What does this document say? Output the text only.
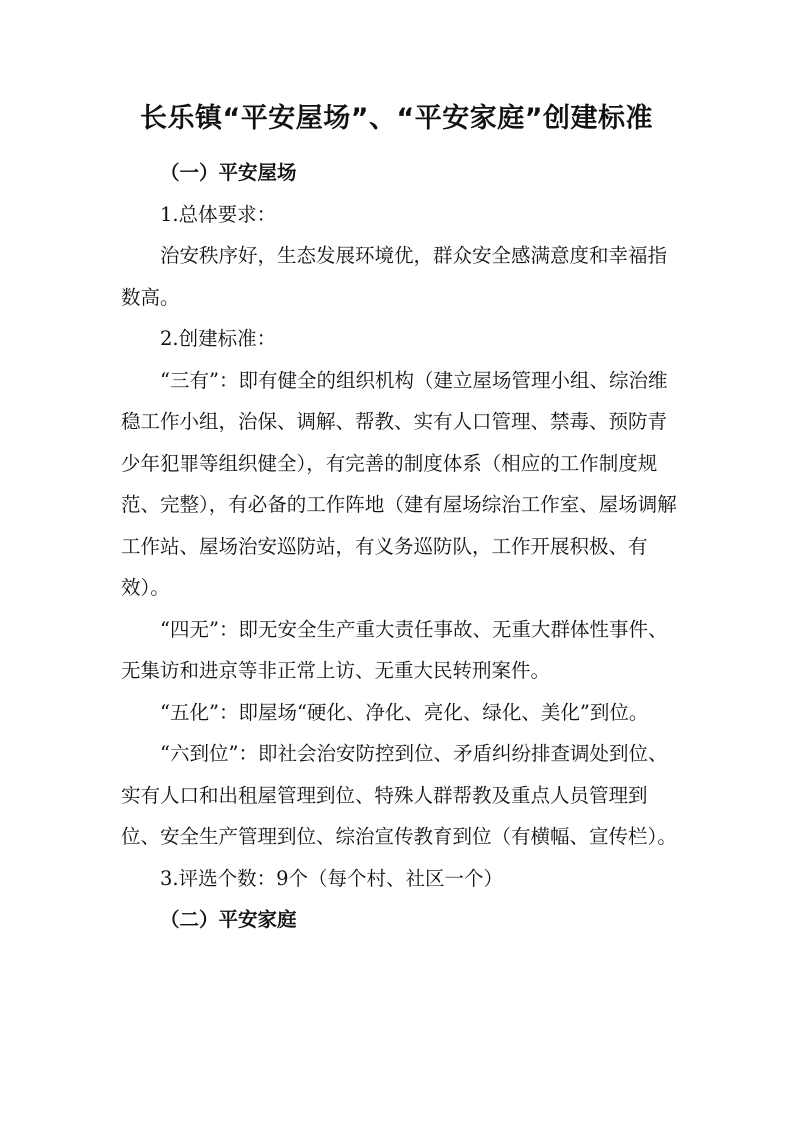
长乐镇“平安屋场”、“平安家庭”创建标准

（一）平安屋场

1.总体要求：

治安秩序好，生态发展环境优，群众安全感满意度和幸福指数高。

2.创建标准：

“三有”：即有健全的组织机构（建立屋场管理小组、综治维稳工作小组，治保、调解、帮教、实有人口管理、禁毒、预防青少年犯罪等组织健全），有完善的制度体系（相应的工作制度规范、完整），有必备的工作阵地（建有屋场综治工作室、屋场调解工作站、屋场治安巡防站，有义务巡防队，工作开展积极、有效）。

“四无”：即无安全生产重大责任事故、无重大群体性事件、无集访和进京等非正常上访、无重大民转刑案件。

“五化”：即屋场“硬化、净化、亮化、绿化、美化”到位。

“六到位”：即社会治安防控到位、矛盾纠纷排查调处到位、实有人口和出租屋管理到位、特殊人群帮教及重点人员管理到位、安全生产管理到位、综治宣传教育到位（有横幅、宣传栏）。

3.评选个数：9个（每个村、社区一个）

（二）平安家庭
